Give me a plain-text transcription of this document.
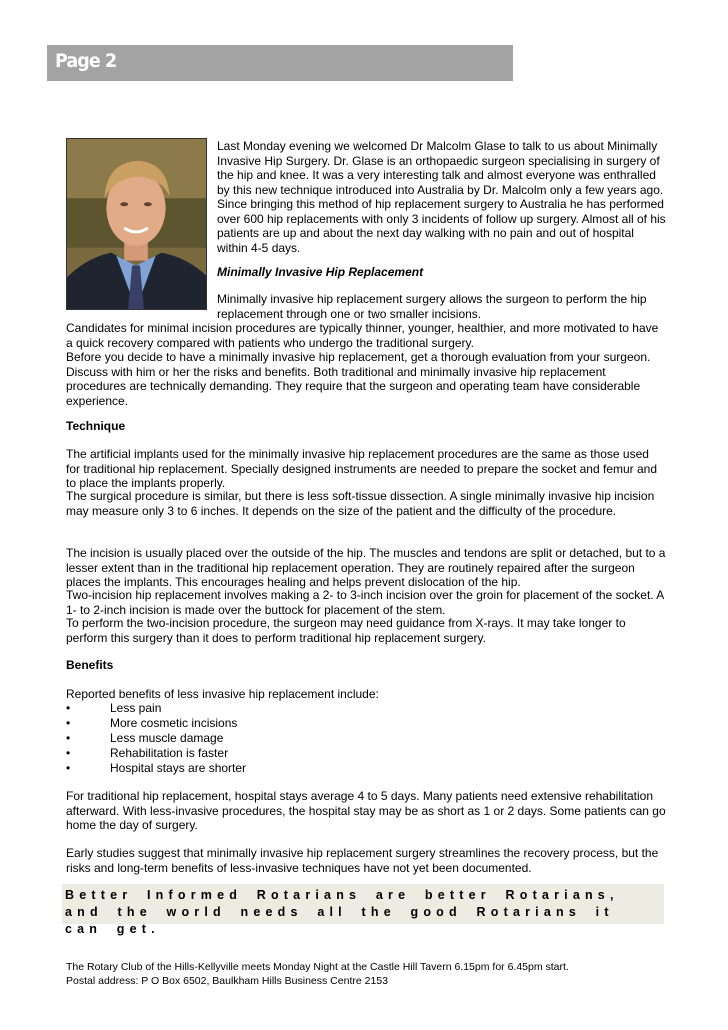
Page 2

Last Monday evening we welcomed Dr Malcolm Glase to talk to us about Minimally Invasive Hip Surgery. Dr. Glase is an orthopaedic surgeon specialising in surgery of the hip and knee. It was a very interesting talk and almost everyone was enthralled by this new technique introduced into Australia by Dr. Malcolm only a few years ago. Since bringing this method of hip replacement surgery to Australia he has performed over 600 hip replacements with only 3 incidents of follow up surgery. Almost all of his patients are up and about the next day walking with no pain and out of hospital within 4-5 days.

Minimally Invasive Hip Replacement

Minimally invasive hip replacement surgery allows the surgeon to perform the hip replacement through one or two smaller incisions.

Candidates for minimal incision procedures are typically thinner, younger, healthier, and more motivated to have a quick recovery compared with patients who undergo the traditional surgery.

Before you decide to have a minimally invasive hip replacement, get a thorough evaluation from your surgeon. Discuss with him or her the risks and benefits. Both traditional and minimally invasive hip replacement procedures are technically demanding. They require that the surgeon and operating team have considerable experience.

Technique

The artificial implants used for the minimally invasive hip replacement procedures are the same as those used for traditional hip replacement. Specially designed instruments are needed to prepare the socket and femur and to place the implants properly.

The surgical procedure is similar, but there is less soft-tissue dissection. A single minimally invasive hip incision may measure only 3 to 6 inches. It depends on the size of the patient and the difficulty of the procedure.

The incision is usually placed over the outside of the hip. The muscles and tendons are split or detached, but to a lesser extent than in the traditional hip replacement operation. They are routinely repaired after the surgeon places the implants. This encourages healing and helps prevent dislocation of the hip.

Two-incision hip replacement involves making a 2- to 3-inch incision over the groin for placement of the socket. A 1- to 2-inch incision is made over the buttock for placement of the stem.

To perform the two-incision procedure, the surgeon may need guidance from X-rays. It may take longer to perform this surgery than it does to perform traditional hip replacement surgery.

Benefits

Reported benefits of less invasive hip replacement include:

•	Less pain
•	More cosmetic incisions
•	Less muscle damage
•	Rehabilitation is faster
•	Hospital stays are shorter

For traditional hip replacement, hospital stays average 4 to 5 days. Many patients need extensive rehabilitation afterward. With less-invasive procedures, the hospital stay may be as short as 1 or 2 days. Some patients can go home the day of surgery.

Early studies suggest that minimally invasive hip replacement surgery streamlines the recovery process, but the risks and long-term benefits of less-invasive techniques have not yet been documented.

Better Informed Rotarians are better Rotarians, and the world needs all the good Rotarians it can get.
The Rotary Club of the Hills-Kellyville meets Monday Night at the Castle Hill Tavern 6.15pm for 6.45pm start.
Postal address: P O Box 6502, Baulkham Hills Business Centre 2153
